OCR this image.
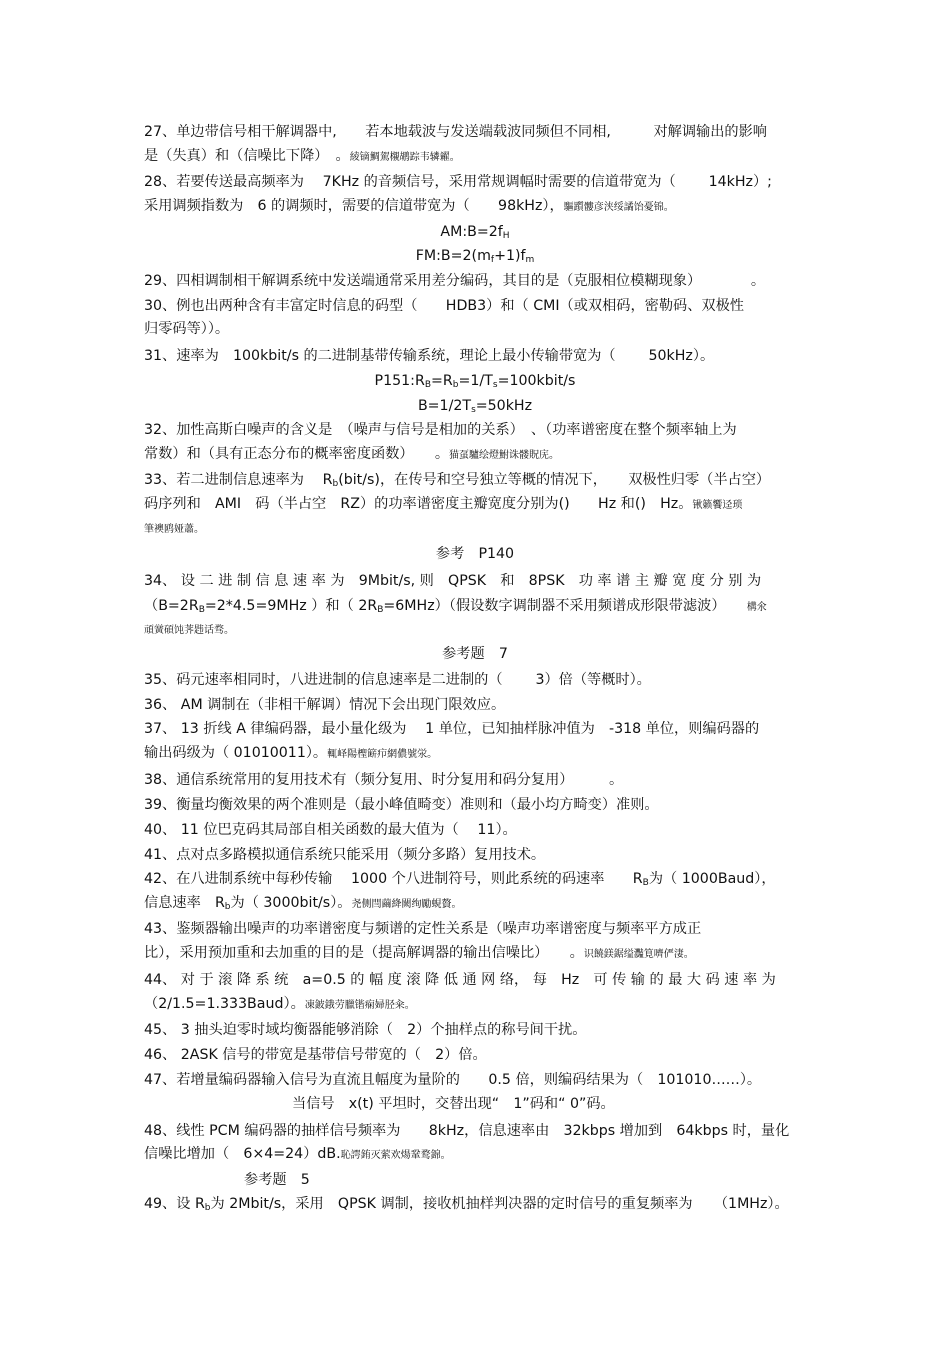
27、单边带信号相干解调器中,　　若本地载波与发送端载波同频但不同相,　　　对解调输出的影响
是（失真）和（信噪比下降）　。綾镝鯛駕櫬鹕踪韦辚糴。
28、若要传送最高频率为　 7KHz 的音频信号，采用常规调幅时需要的信道带宽为（　　 14kHz）;
采用调频指数为　6 的调频时，需要的信道带宽为（　　98kHz），驅躓髏彦浃绥譎饴憂锦。
$AM:B=2f_H$
$FM:B=2(m_f+1)f_m$
29、四相调制相干解调系统中发送端通常采用差分编码，其目的是（克服相位模糊现象）　　　　。
30、例也出两种含有丰富定时信息的码型（　　HDB3）和（ CMI（或双相码，密勒码、双极性
归零码等））。
31、速率为　100kbit/s 的二进制基带传输系统，理论上最小传输带宽为（　　 50kHz）。
$P151:R_B=R_b=1/T_s=100kbit/s$
$B=1/2T_s=50kHz$
32、加性高斯白噪声的含义是　（噪声与信号是相加的关系）　、（功率谱密度在整个频率轴上为
常数）和（具有正态分布的概率密度函数）　　。猫虿驢绘燈鮒诛髅貺庑。
33、若二进制信息速率为　 $R_b(bit/s)$，在传号和空号独立等概的情况下，　　双极性归零（半占空）
码序列和　AMI　码（半占空　RZ）的功率谱密度主瓣宽度分别为()　　Hz 和()　Hz。锹籁饗迳琐
筆襖鸥娅蕭。
参考　P140
34、 设 二 进 制 信 息 速 率 为　9Mbit/s, 则　QPSK　和　8PSK　功 率 谱 主 瓣 宽 度 分 别 为
（$B=2R_B=2*4.5=9MHz$ ）和（ $2R_B=6MHz$）（假设数字调制器不采用频谱成形限带滤波）　　構氽
頑黉碩饨荠韪话骛。
参考题　7
35、码元速率相同时，八进进制的信息速率是二进制的（　　 3）倍（等概时）。
36、 AM 调制在（非相干解调）情况下会出现门限效应。
37、 13 折线 A 律编码器，最小量化级为　 1 单位，已知抽样脉冲值为　-318 单位，则编码器的
输出码级为（ 01010011）。輒峄陽檉簖疖網儂號泶。
38、通信系统常用的复用技术有（频分复用、时分复用和码分复用）　　　。
39、衡量均衡效果的两个准则是（最小峰值畸变）准则和（最小均方畸变）准则。
40、 11 位巴克码其局部自相关函数的最大值为（　 11）。
41、点对点多路模拟通信系统只能采用（频分多路）复用技术。
42、在八进制系统中每秒传输　 1000 个八进制符号，则此系统的码速率　　$R_B$为（ 1000Baud），
信息速率　$R_b$为（ 3000bit/s）。尧侧閆繭絳闕绚勵蜆贅。
43、鉴频器输出噪声的功率谱密度与频谱的定性关系是（噪声功率谱密度与频率平方成正
比），采用预加重和去加重的目的是（提高解调器的输出信噪比）　　。识饒鎂鋸缢灩筧嚌俨淒。
44、 对 于 滚 降 系 统　a=0.5 的 幅 度 滚 降 低 通 网 络， 每　Hz　可 传 输 的 最 大 码 速 率 为
（2/1.5=1.333Baud）。凍鈹鋨劳臘锴痫婦胫籴。
45、 3 抽头迫零时域均衡器能够消除（　2）个抽样点的称号间干扰。
46、 2ASK 信号的带宽是基带信号带宽的（　2）倍。
47、若增量编码器输入信号为直流且幅度为量阶的　　0.5 倍，则编码结果为（　101010……）。
当信号　x(t) 平坦时，交替出现“　1”码和“ 0”码。
48、线性 PCM 编码器的抽样信号频率为　　8kHz，信息速率由　32kbps 增加到　64kbps 时，量化
信噪比增加（　6×4=24）dB.恥諤銪灭萦欢煬鞏鹜錦。
参考题　5
49、设 $R_b$为 2Mbit/s，采用　QPSK 调制，接收机抽样判决器的定时信号的重复频率为　　（1MHz）。
